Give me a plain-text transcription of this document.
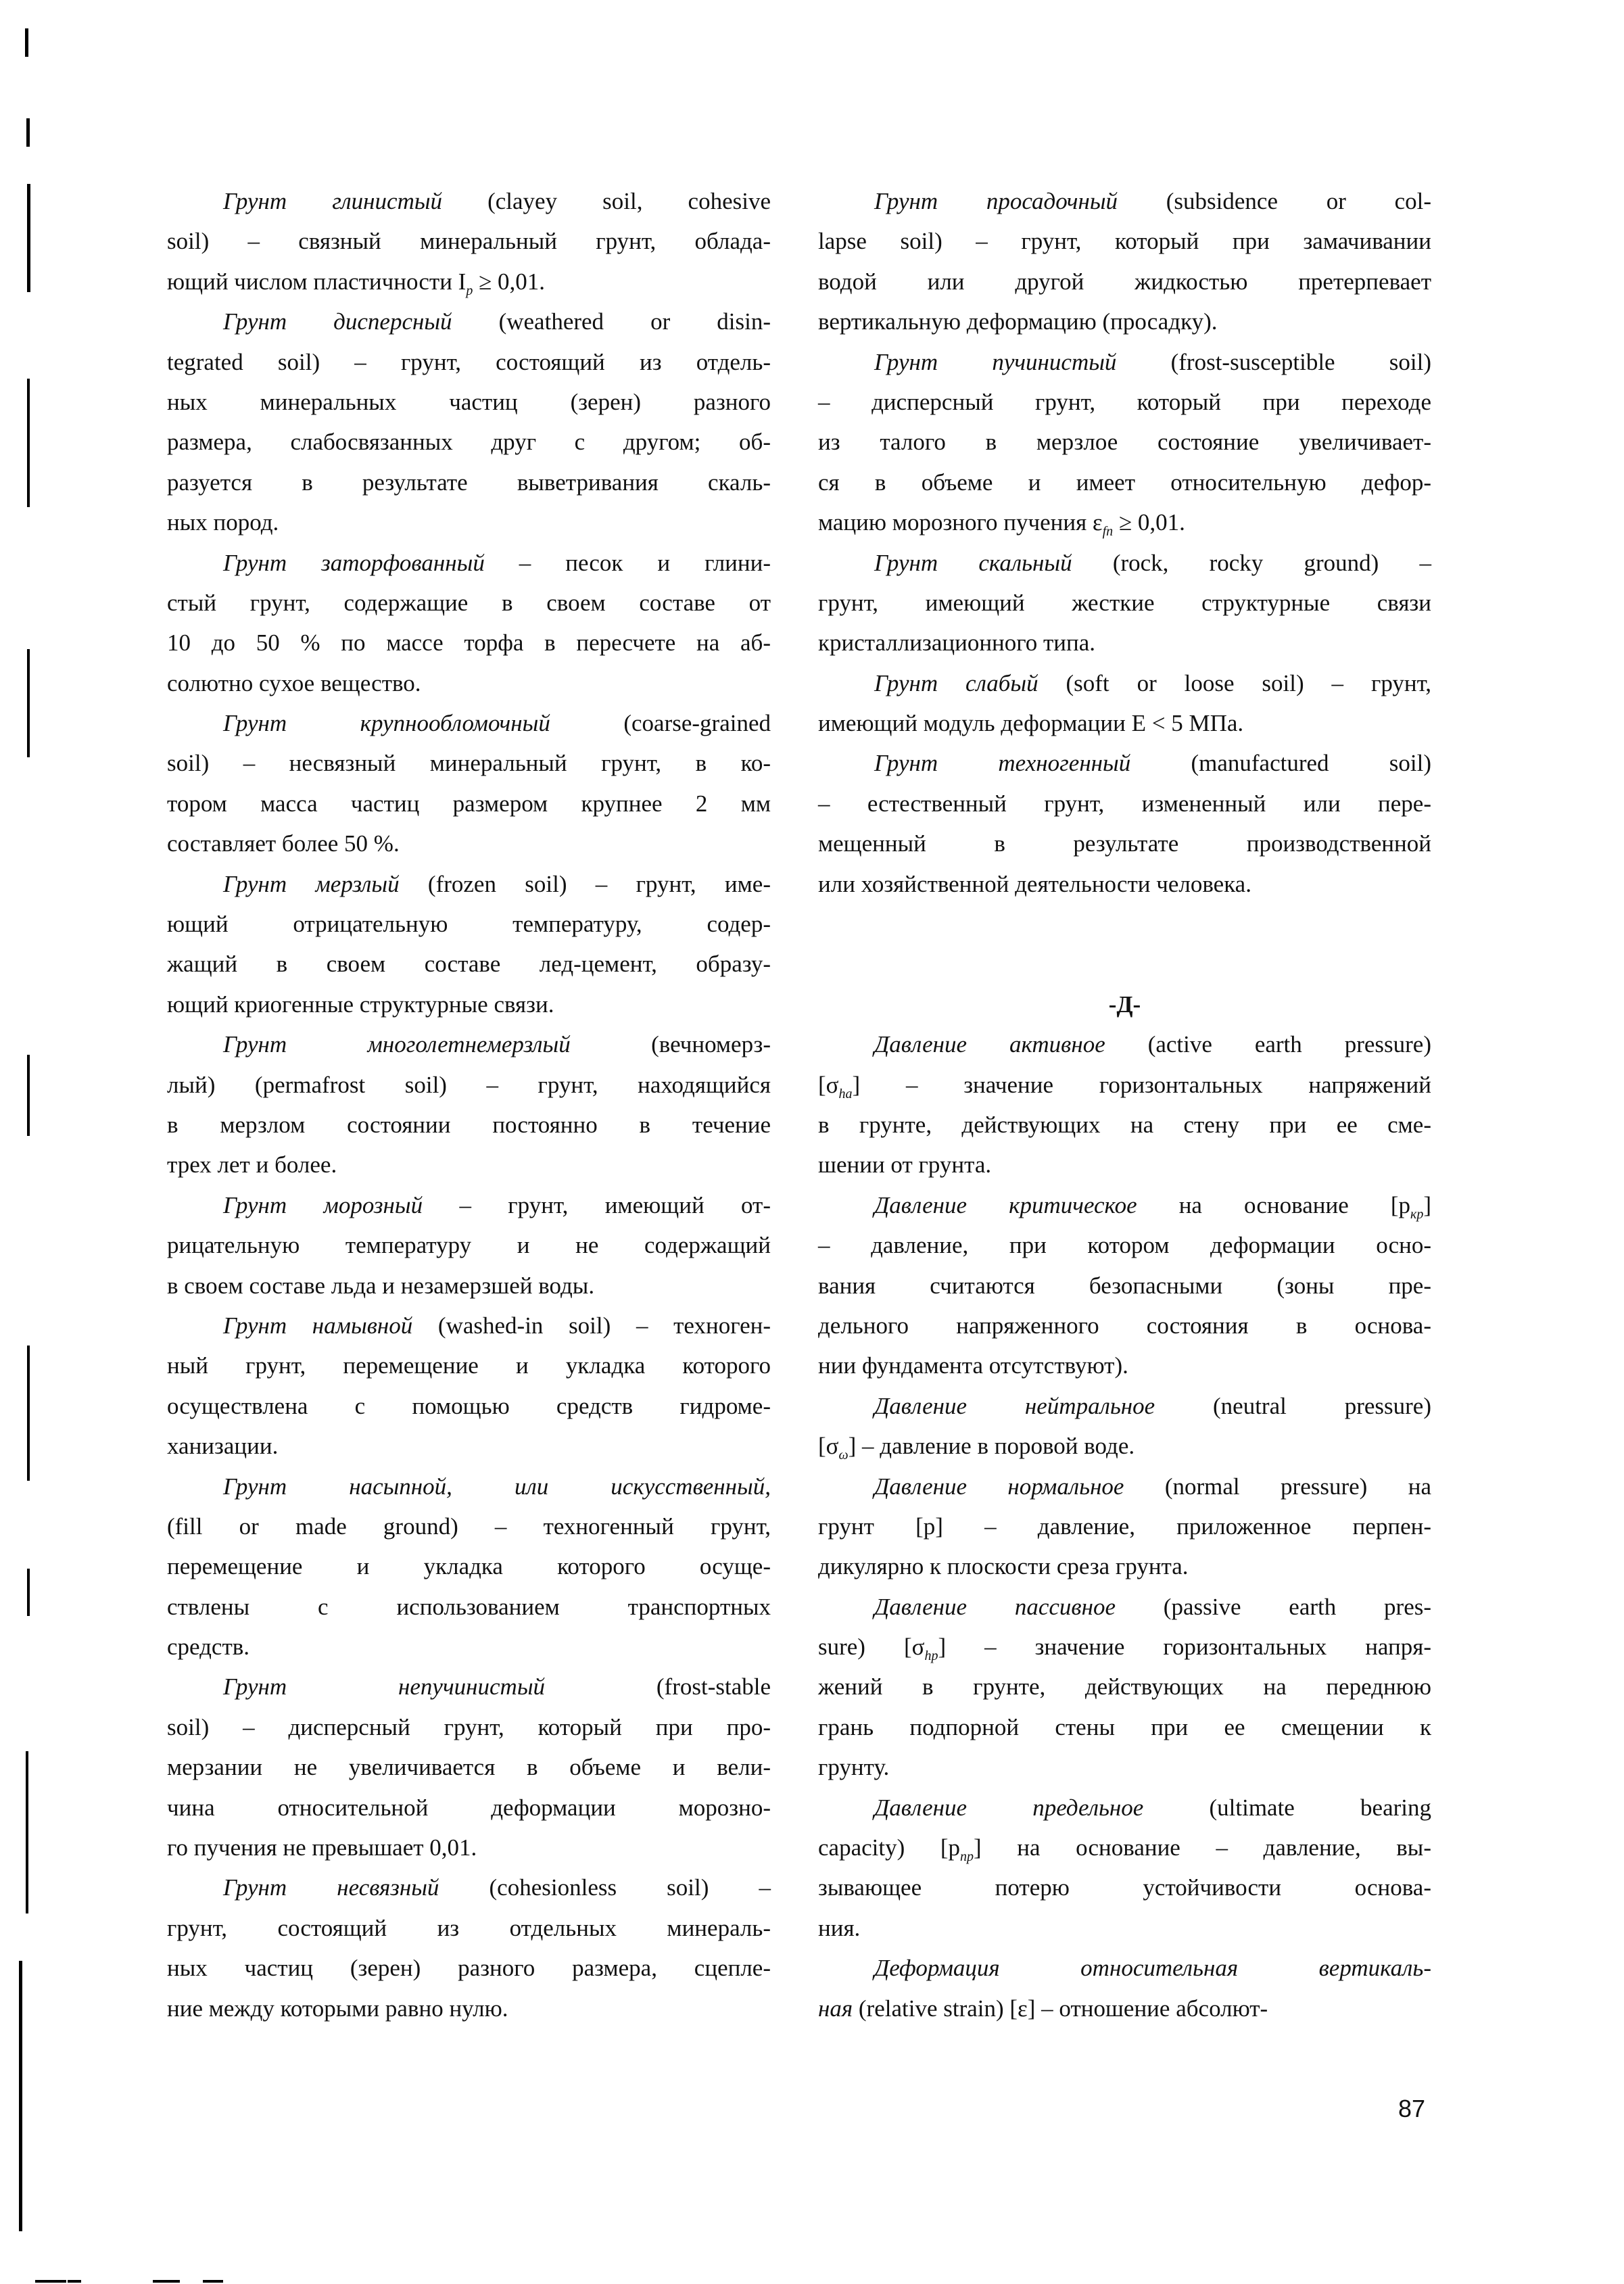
Грунт глинистый (clayey soil, cohesive
soil) – связный минеральный грунт, облада-
ющий числом пластичности $I_p \ge 0,01$.
Грунт дисперсный (weathered or disin-
tegrated soil) – грунт, состоящий из отдель-
ных минеральных частиц (зерен) разного
размера, слабосвязанных друг с другом; об-
разуется в результате выветривания скаль-
ных пород.
Грунт заторфованный – песок и глини-
стый грунт, содержащие в своем составе от
10 до 50 % по массе торфа в пересчете на аб-
солютно сухое вещество.
Грунт крупнообломочный (coarse-grained
soil) – несвязный минеральный грунт, в ко-
тором масса частиц размером крупнее 2 мм
составляет более 50 %.
Грунт мерзлый (frozen soil) – грунт, име-
ющий отрицательную температуру, содер-
жащий в своем составе лед-цемент, образу-
ющий криогенные структурные связи.
Грунт многолетнемерзлый (вечномерз-
лый) (permafrost soil) – грунт, находящийся
в мерзлом состоянии постоянно в течение
трех лет и более.
Грунт морозный – грунт, имеющий от-
рицательную температуру и не содержащий
в своем составе льда и незамерзшей воды.
Грунт намывной (washed-in soil) – техноген-
ный грунт, перемещение и укладка которого
осуществлена с помощью средств гидроме-
ханизации.
Грунт насыпной, или искусственный,
(fill or made ground) – техногенный грунт,
перемещение и укладка которого осуще-
ствлены с использованием транспортных
средств.
Грунт непучинистый (frost-stable
soil) – дисперсный грунт, который при про-
мерзании не увеличивается в объеме и вели-
чина относительной деформации морозно-
го пучения не превышает 0,01.
Грунт несвязный (cohesionless soil) –
грунт, состоящий из отдельных минераль-
ных частиц (зерен) разного размера, сцепле-
ние между которыми равно нулю.
Грунт просадочный (subsidence or col-
lapse soil) – грунт, который при замачивании
водой или другой жидкостью претерпевает
вертикальную деформацию (просадку).
Грунт пучинистый (frost-susceptible soil)
– дисперсный грунт, который при переходе
из талого в мерзлое состояние увеличивает-
ся в объеме и имеет относительную дефор-
мацию морозного пучения $\varepsilon_{fn} \ge 0,01$.
Грунт скальный (rock, rocky ground) –
грунт, имеющий жесткие структурные связи
кристаллизационного типа.
Грунт слабый (soft or loose soil) – грунт,
имеющий модуль деформации E < 5 МПа.
Грунт техногенный (manufactured soil)
– естественный грунт, измененный или пере-
мещенный в результате производственной
или хозяйственной деятельности человека.
-Д-
Давление активное (active earth pressure)
$[\sigma_{ha}]$ – значение горизонтальных напряжений
в грунте, действующих на стену при ее сме-
шении от грунта.
Давление критическое на основание $[p_{кр}]$
– давление, при котором деформации осно-
вания считаются безопасными (зоны пре-
дельного напряженного состояния в основа-
нии фундамента отсутствуют).
Давление нейтральное (neutral pressure)
$[\sigma_\omega]$ – давление в поровой воде.
Давление нормальное (normal pressure) на
грунт [p] – давление, приложенное перпен-
дикулярно к плоскости среза грунта.
Давление пассивное (passive earth pres-
sure) $[\sigma_{hp}]$ – значение горизонтальных напря-
жений в грунте, действующих на переднюю
грань подпорной стены при ее смещении к
грунту.
Давление предельное (ultimate bearing
capacity) $[p_{пр}]$ на основание – давление, вы-
зывающее потерю устойчивости основа-
ния.
Деформация относительная вертикаль-
ная (relative strain) [ε] – отношение абсолют-
87
